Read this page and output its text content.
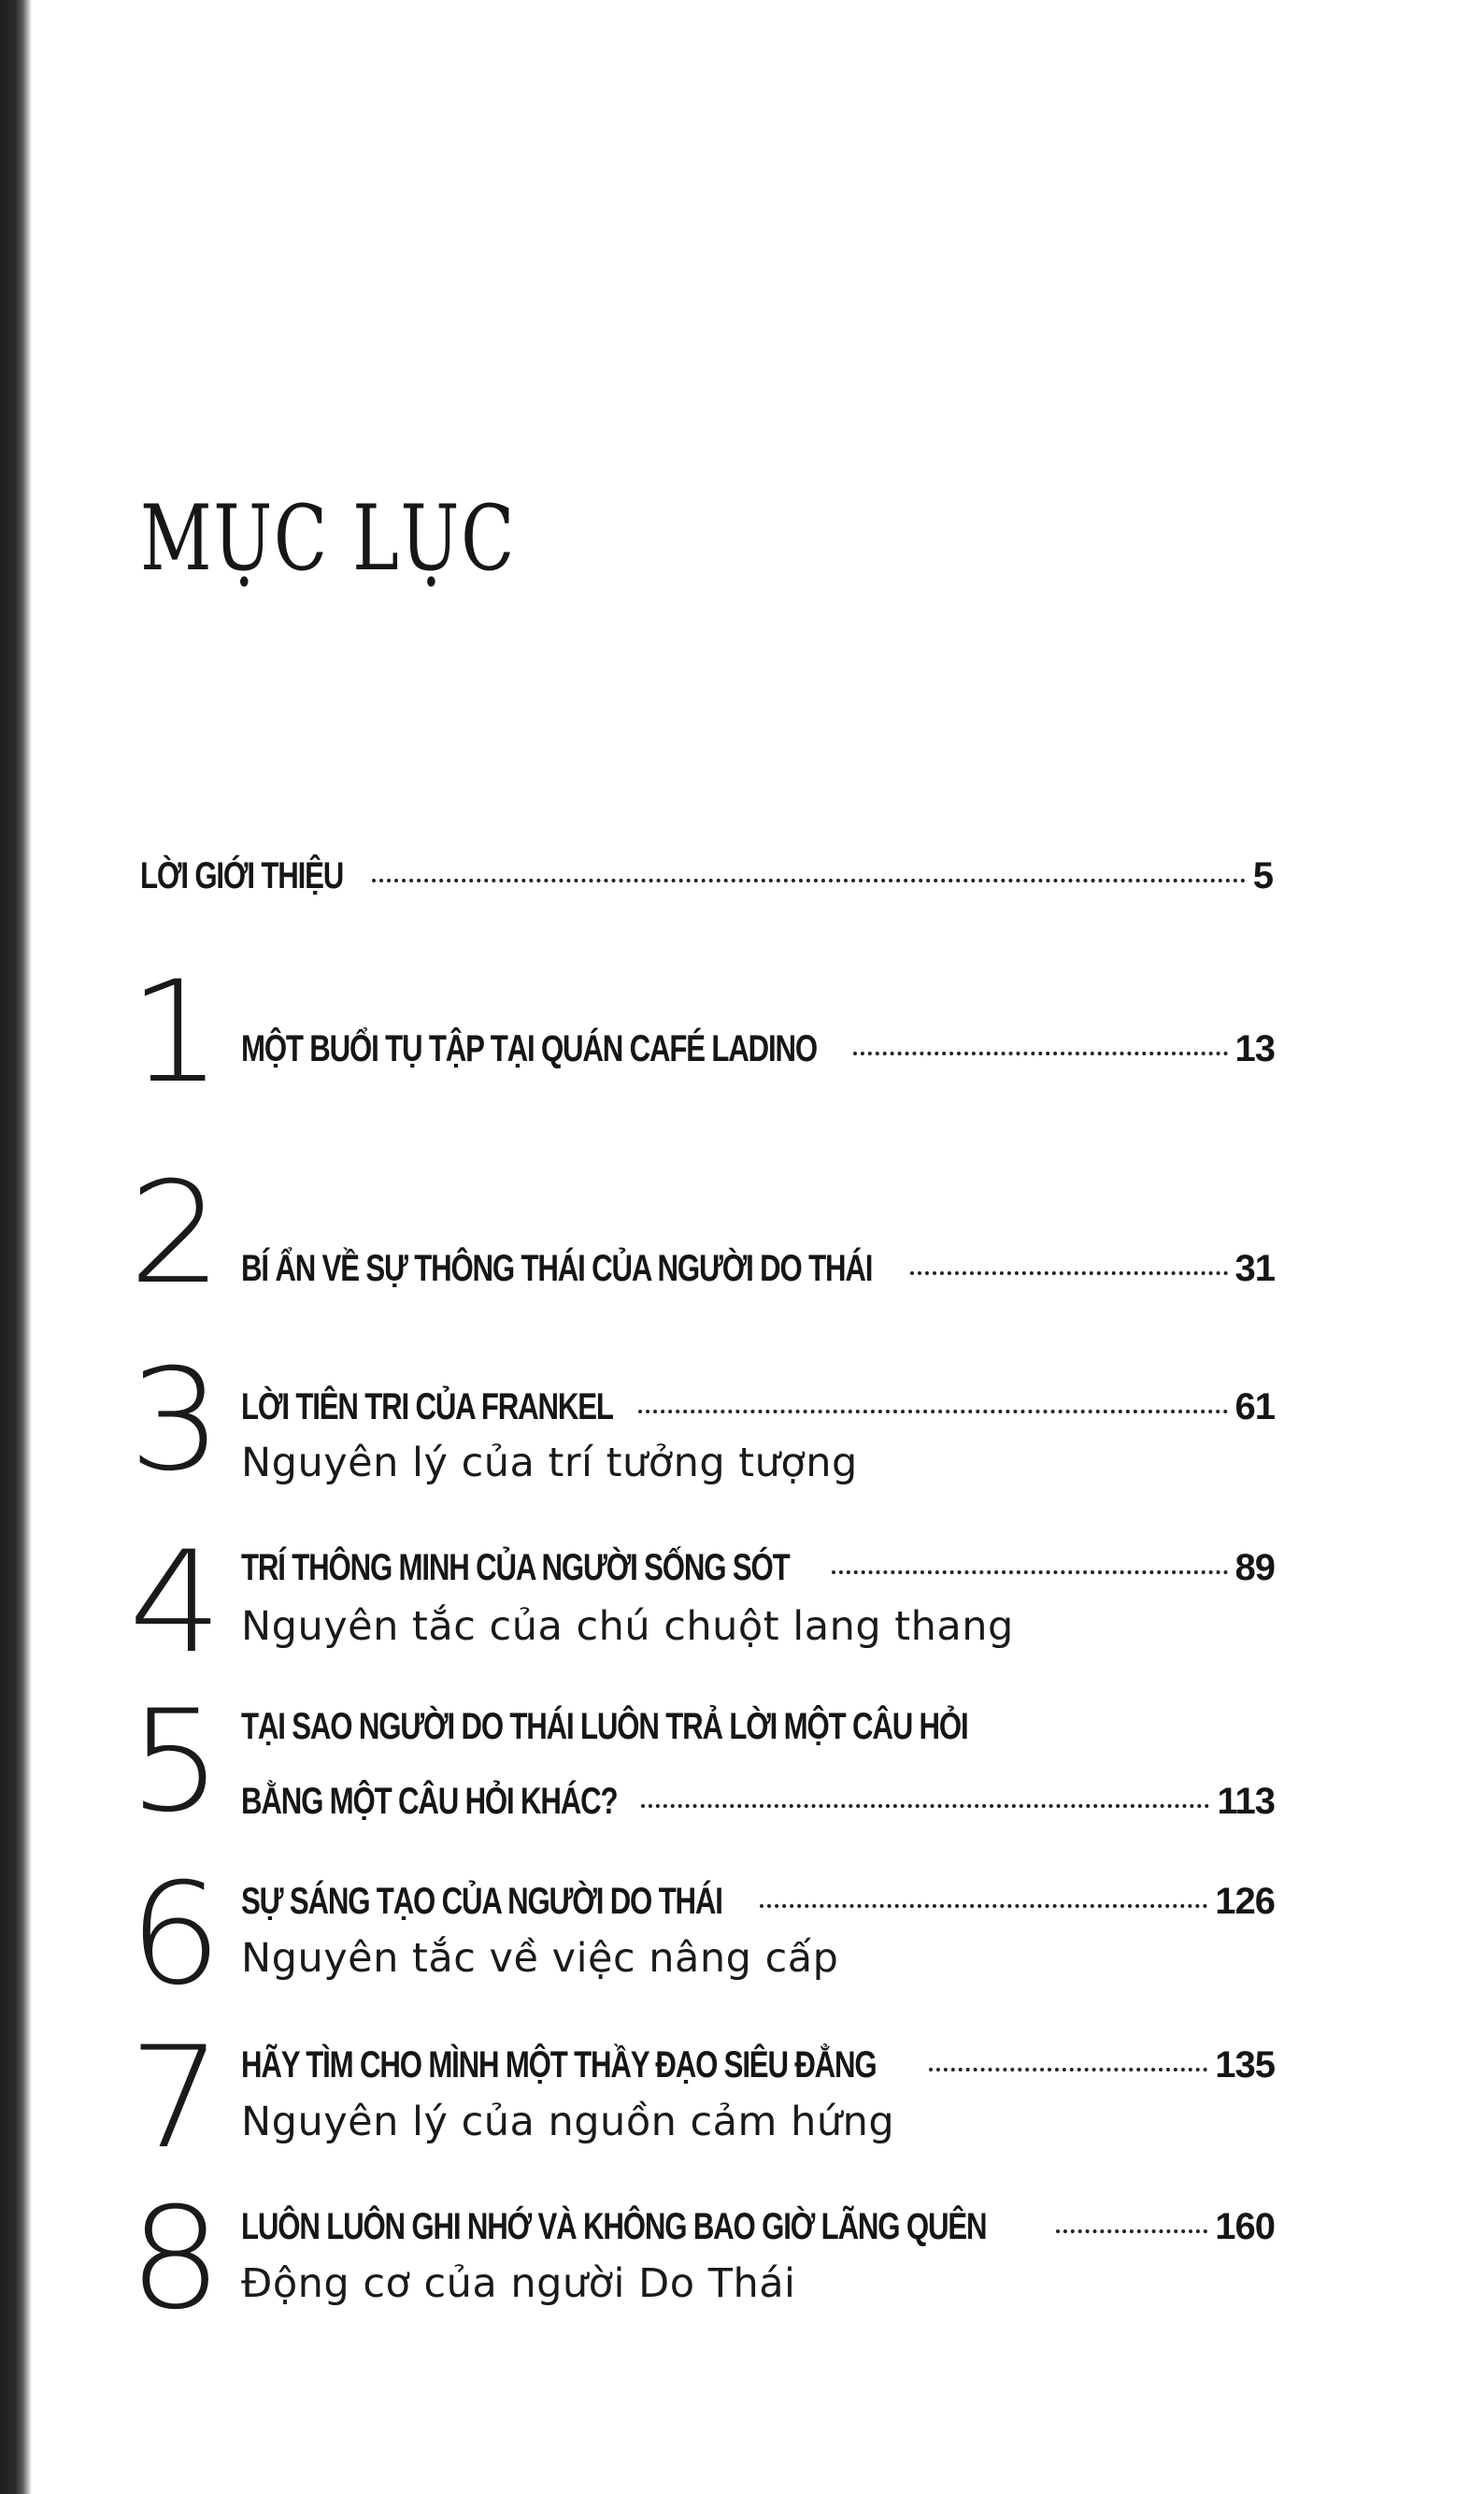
MỤC LỤC
LỜI GIỚI THIỆU	5
1 MỘT BUỔI TỤ TẬP TẠI QUÁN CAFÉ LADINO	13
2 BÍ ẨN VỀ SỰ THÔNG THÁI CỦA NGƯỜI DO THÁI	31
3 LỜI TIÊN TRI CỦA FRANKEL	61
Nguyên lý của trí tưởng tượng
4 TRÍ THÔNG MINH CỦA NGƯỜI SỐNG SÓT	89
Nguyên tắc của chú chuột lang thang
5 TẠI SAO NGƯỜI DO THÁI LUÔN TRẢ LỜI MỘT CÂU HỎI
BẰNG MỘT CÂU HỎI KHÁC?	113
6 SỰ SÁNG TẠO CỦA NGƯỜI DO THÁI	126
Nguyên tắc về việc nâng cấp
7 HÃY TÌM CHO MÌNH MỘT THẦY ĐẠO SIÊU ĐẲNG	135
Nguyên lý của nguồn cảm hứng
8 LUÔN LUÔN GHI NHỚ VÀ KHÔNG BAO GIỜ LÃNG QUÊN	160
Động cơ của người Do Thái
